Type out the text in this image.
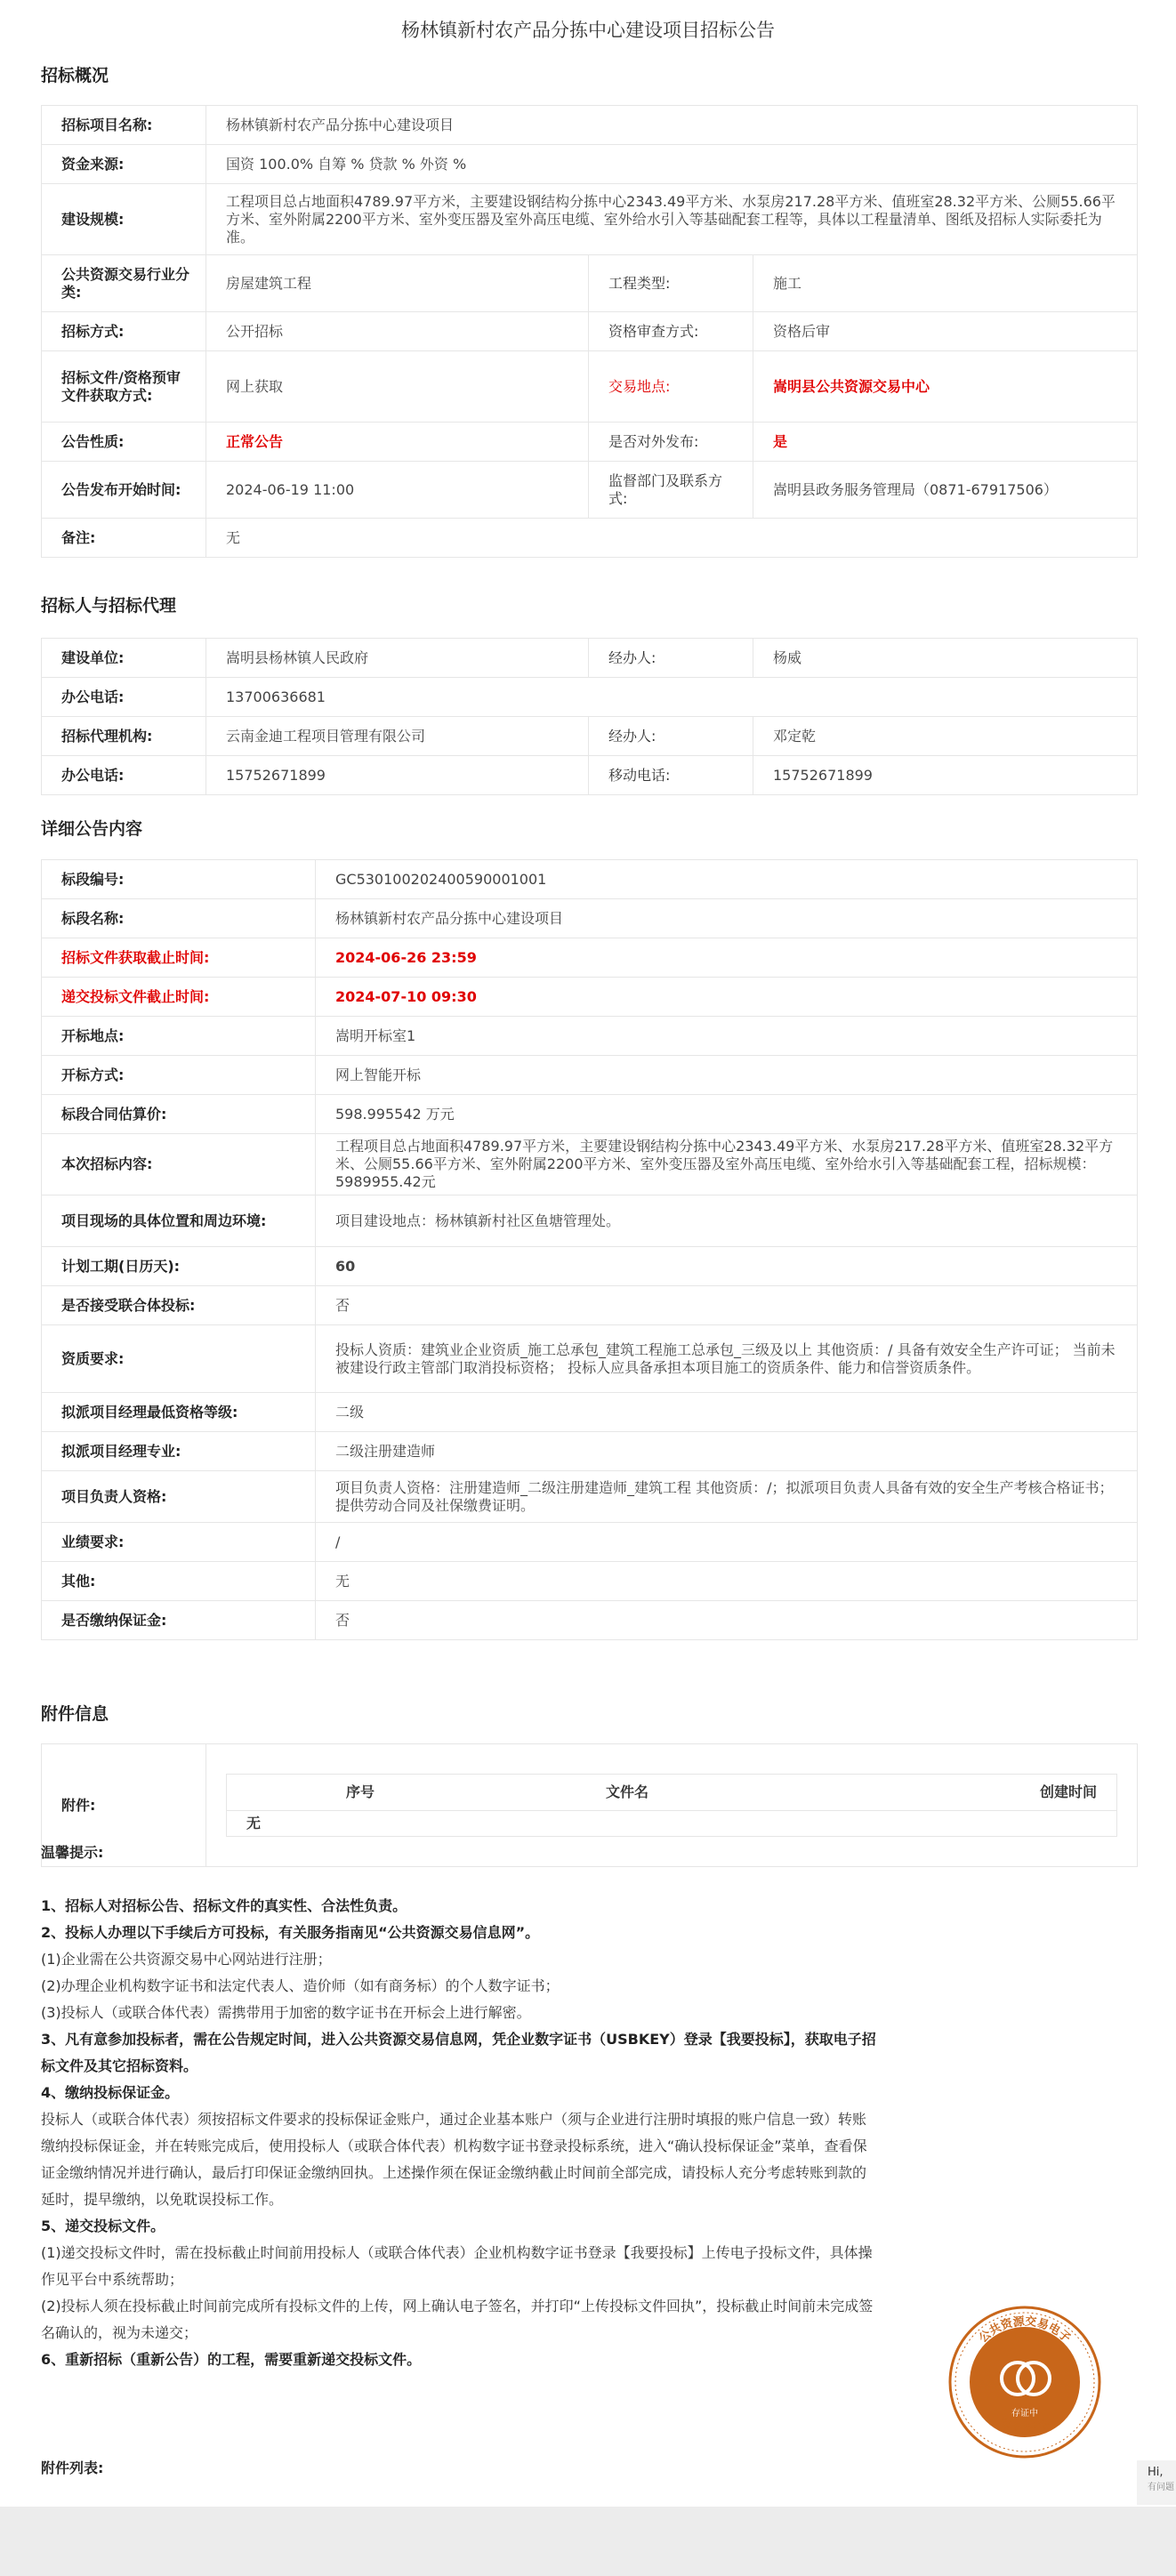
杨林镇新村农产品分拣中心建设项目招标公告
招标概况
招标项目名称:	杨林镇新村农产品分拣中心建设项目		
资金来源:	国资 100.0% 自筹 % 贷款 % 外资 %		
建设规模:	工程项目总占地面积4789.97平方米，主要建设钢结构分拣中心2343.49平方米、水泵房217.28平方米、值班室28.32平方米、公厕55.66平方米、室外附属2200平方米、室外变压器及室外高压电缆、室外给水引入等基础配套工程等，具体以工程量清单、图纸及招标人实际委托为准。		
公共资源交易行业分类:	房屋建筑工程	工程类型:	施工
招标方式:	公开招标	资格审查方式:	资格后审
招标文件/资格预审文件获取方式:	网上获取	交易地点:	嵩明县公共资源交易中心
公告性质:	正常公告	是否对外发布:	是
公告发布开始时间:	2024-06-19 11:00	监督部门及联系方式:	嵩明县政务服务管理局（0871-67917506）
备注:	无		
招标人与招标代理
建设单位:	嵩明县杨林镇人民政府	经办人:	杨威
办公电话:	13700636681		
招标代理机构:	云南金迪工程项目管理有限公司	经办人:	邓定乾
办公电话:	15752671899	移动电话:	15752671899
详细公告内容
标段编号:	GC5301002024005900010​01
标段名称:	杨林镇新村农产品分拣中心建设项目
招标文件获取截止时间:	2024-06-26 23:59
递交投标文件截止时间:	2024-07-10 09:30
开标地点:	嵩明开标室1
开标方式:	网上智能开标
标段合同估算价:	598.995542 万元
本次招标内容:	工程项目总占地面积4789.97平方米，主要建设钢结构分拣中心2343.49平方米、水泵房217.28平方米、值班室28.32平方米、公厕55.66平方米、室外附属2200平方米、室外变压器及室外高压电缆、室外给水引入等基础配套工程，招标规模：5989955.42元
项目现场的具体位置和周边环境:	项目建设地点：杨林镇新村社区鱼塘管理处。
计划工期(日历天):	60
是否接受联合体投标:	否
资质要求:	投标人资质：建筑业企业资质_施工总承包_建筑工程施工总承包_三级及以上 其他资质：/ 具备有效安全生产许可证； 当前未被建设行政主管部门取消投标资格； 投标人应具备承担本项目施工的资质条件、能力和信誉资质条件。
拟派项目经理最低资格等级:	二级
拟派项目经理专业:	二级注册建造师
项目负责人资格:	项目负责人资格：注册建造师_二级注册建造师_建筑工程 其他资质：/；拟派项目负责人具备有效的安全生产考核合格证书；提供劳动合同及社保缴费证明。
业绩要求:	/
其他:	无
是否缴纳保证金:	否
附件信息
附件:	
序号	文件名	创建时间
无

温馨提示:

1、招标人对招标公告、招标文件的真实性、合法性负责。

2、投标人办理以下手续后方可投标，有关服务指南见“公共资源交易信息网”。

(1)企业需在公共资源交易中心网站进行注册；

(2)办理企业机构数字证书和法定代表人、造价师（如有商务标）的个人数字证书；

(3)投标人（或联合体代表）需携带用于加密的数字证书在开标会上进行解密。

3、凡有意参加投标者，需在公告规定时间，进入公共资源交易信息网，凭企业数字证书（USBKEY）登录【我要投标】，获取电子招标文件及其它招标资料。

4、缴纳投标保证金。

投标人（或联合体代表）须按招标文件要求的投标保证金账户，通过企业基本账户（须与企业进行注册时填报的账户信息一致）转账缴纳投标保证金，并在转账完成后，使用投标人（或联合体代表）机构数字证书登录投标系统，进入“确认投标保证金”菜单，查看保证金缴纳情况并进行确认，最后打印保证金缴纳回执。上述操作须在保证金缴纳截止时间前全部完成，请投标人充分考虑转账到款的延时，提早缴纳，以免耽误投标工作。

5、递交投标文件。

(1)递交投标文件时，需在投标截止时间前用投标人（或联合体代表）企业机构数字证书登录【我要投标】上传电子投标文件，具体操作见平台中系统帮助；

(2)投标人须在投标截止时间前完成所有投标文件的上传，网上确认电子签名，并打印“上传投标文件回执”，投标截止时间前未完成签名确认的，视为未递交；

6、重新招标（重新公告）的工程，需要重新递交投标文件。

存证中
公共资源交易电子
存 证 标 识
附件列表:	Hi,
有问题
